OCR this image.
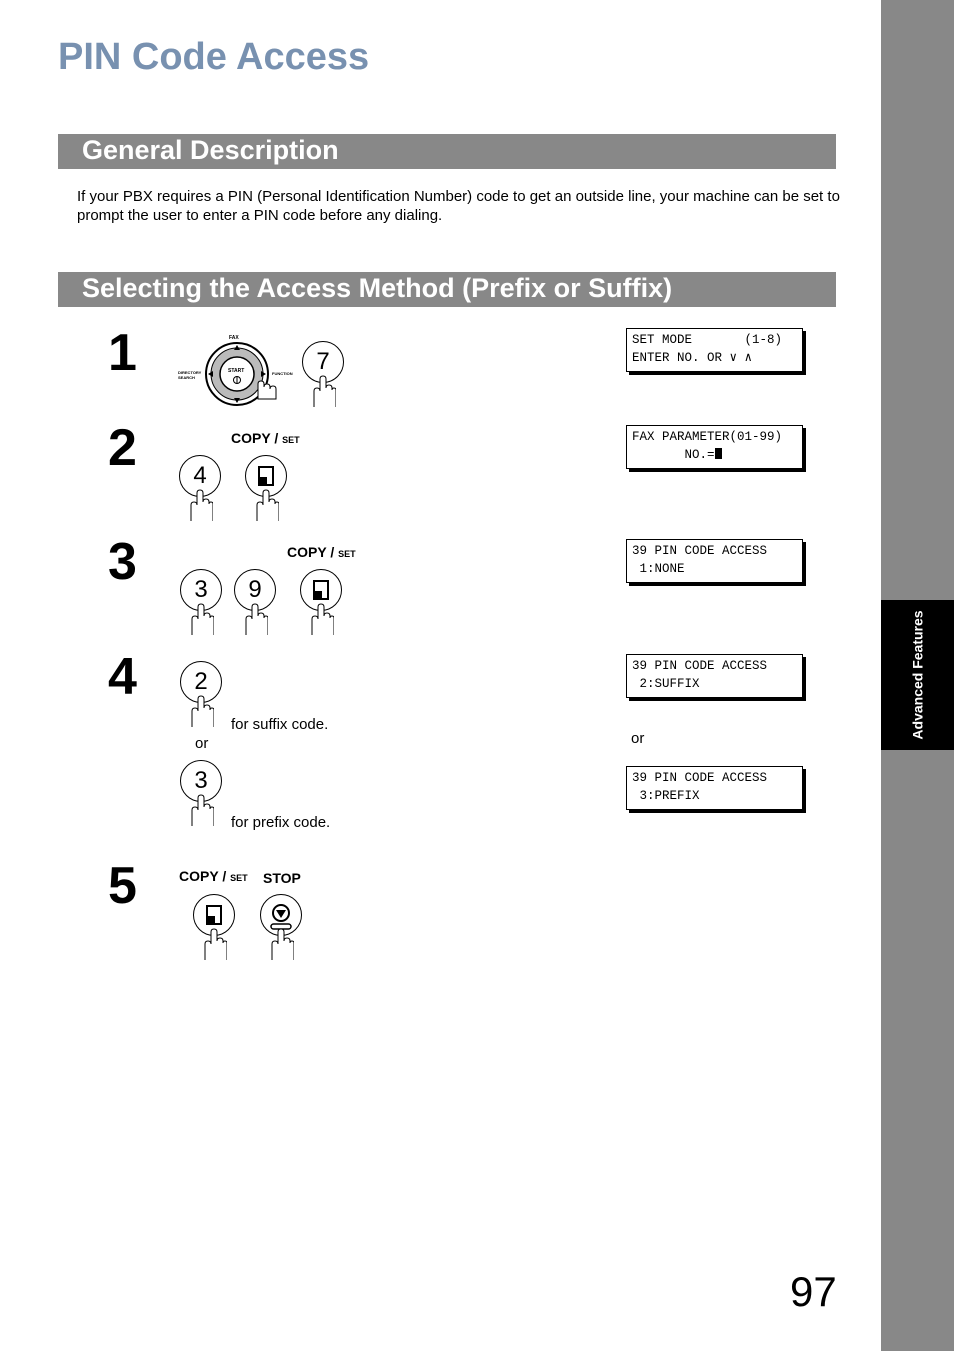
Advanced Features
PIN Code Access
General Description
If your PBX requires a PIN (Personal Identification Number) code to get an outside line, your machine can be set to prompt the user to enter a PIN code before any dialing.
Selecting the Access Method (Prefix or Suffix)
1	FAX
START
DIRECTORY SEARCH
FUNCTION 7
SET MODE       (1-8)
ENTER NO. OR ∨ ∧
2	COPY / SET
4
FAX PARAMETER(01-99)
NO.=
3	COPY / SET
3	9
39 PIN CODE ACCESS
1:NONE
4	2
for suffix code.
or
3
for prefix code.
39 PIN CODE ACCESS
2:SUFFIX
or
39 PIN CODE ACCESS
3:PREFIX
5	COPY / SET STOP
97
